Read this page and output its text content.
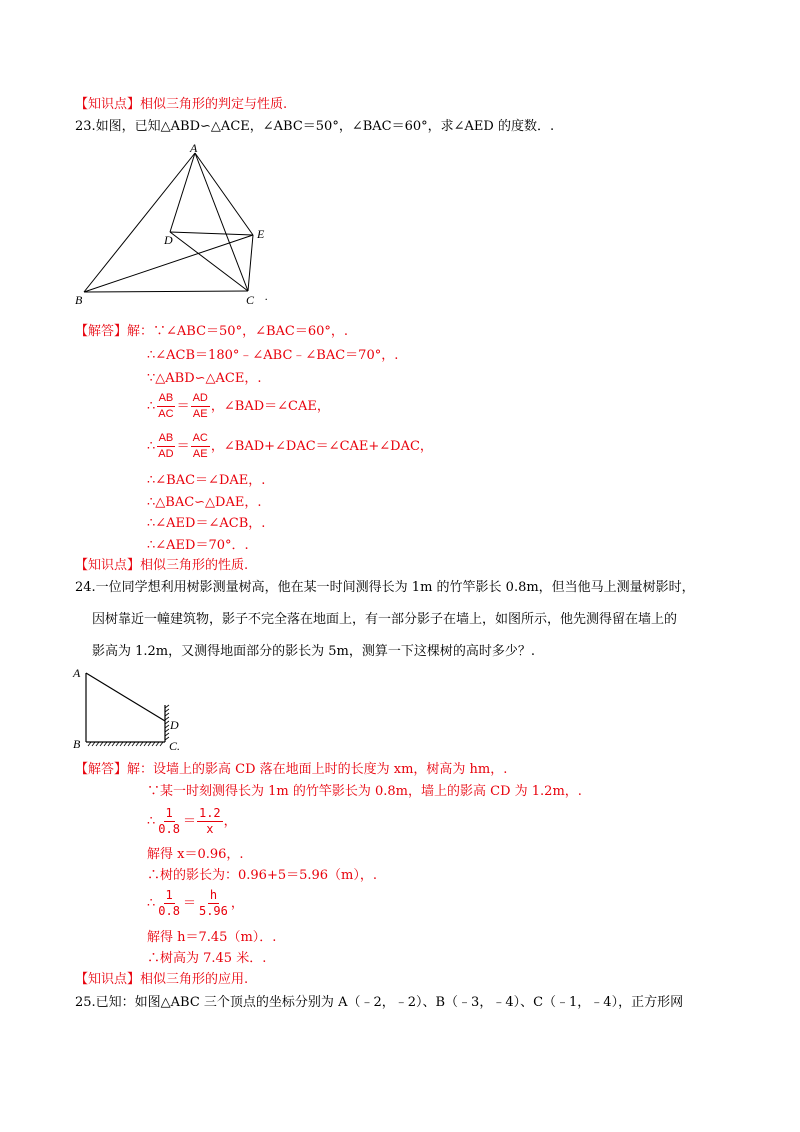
【知识点】相似三角形的判定与性质.
23.如图，已知△ABD∽△ACE，∠ABC＝50°，∠BAC＝60°，求∠AED 的度数．.
A
D	E
B	C .
【解答】解：∵∠ABC＝50°，∠BAC＝60°，.
∴∠ACB＝180°﹣∠ABC﹣∠BAC＝70°，.
∵△ABD∽△ACE，.
∴ $\frac{AB}{AC} = \frac{AD}{AE}$ ，∠BAD＝∠CAE，
∴ $\frac{AB}{AD} = \frac{AC}{AE}$ ，∠BAD+∠DAC＝∠CAE+∠DAC，
∴∠BAC＝∠DAE，.
∴△BAC∽△DAE，.
∴∠AED＝∠ACB，.
∴∠AED＝70°．.
【知识点】相似三角形的性质.
24.一位同学想利用树影测量树高，他在某一时间测得长为 1m 的竹竿影长 0.8m，但当他马上测量树影时，
因树靠近一幢建筑物，影子不完全落在地面上，有一部分影子在墙上，如图所示，他先测得留在墙上的
影高为 1.2m，又测得地面部分的影长为 5m，测算一下这棵树的高时多少？.
A
D
B	C.
【解答】解：设墙上的影高 CD 落在地面上时的长度为 xm，树高为 hm，.
∵某一时刻测得长为 1m 的竹竿影长为 0.8m，墙上的影高 CD 为 1.2m，.
∴ $\frac{1}{0.8} = \frac{1.2}{x}$ ，
解得 x＝0.96，.
∴树的影长为：0.96+5＝5.96（m），.
∴ $\frac{1}{0.8} = \frac{h}{5.96}$ ，
解得 h＝7.45（m）．.
∴树高为 7.45 米．.
【知识点】相似三角形的应用.
25.已知：如图△ABC 三个顶点的坐标分别为 A（﹣2，﹣2）、B（﹣3，﹣4）、C（﹣1，﹣4），正方形网
